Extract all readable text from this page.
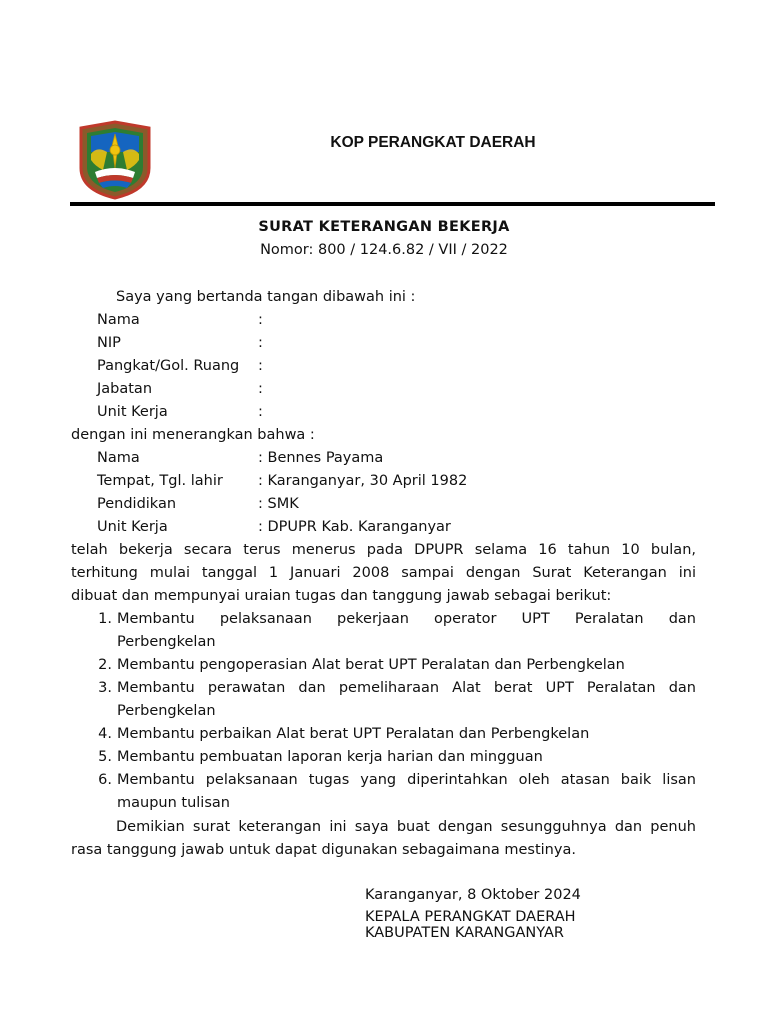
KOP PERANGKAT DAERAH
SURAT KETERANGAN BEKERJA
Nomor: 800 / 124.6.82 / VII / 2022
Saya yang bertanda tangan dibawah ini :
Nama	:
NIP	:
Pangkat/Gol. Ruang :
Jabatan	:
Unit Kerja	:
dengan ini menerangkan bahwa :
Nama	: Bennes Payama
Tempat, Tgl. lahir : Karanganyar, 30 April 1982
Pendidikan	: SMK
Unit Kerja	: DPUPR Kab. Karanganyar
telah bekerja secara terus menerus pada DPUPR selama 16 tahun 10 bulan,
terhitung mulai tanggal 1 Januari 2008 sampai dengan Surat Keterangan ini
dibuat dan mempunyai uraian tugas dan tanggung jawab sebagai berikut:
1. Membantu pelaksanaan pekerjaan operator UPT Peralatan dan
Perbengkelan
2. Membantu pengoperasian Alat berat UPT Peralatan dan Perbengkelan
3. Membantu perawatan dan pemeliharaan Alat berat UPT Peralatan dan
Perbengkelan
4. Membantu perbaikan Alat berat UPT Peralatan dan Perbengkelan
5. Membantu pembuatan laporan kerja harian dan mingguan
6. Membantu pelaksanaan tugas yang diperintahkan oleh atasan baik lisan
maupun tulisan
Demikian surat keterangan ini saya buat dengan sesungguhnya dan penuh
rasa tanggung jawab untuk dapat digunakan sebagaimana mestinya.
Karanganyar, 8 Oktober 2024
KEPALA PERANGKAT DAERAH
KABUPATEN KARANGANYAR
